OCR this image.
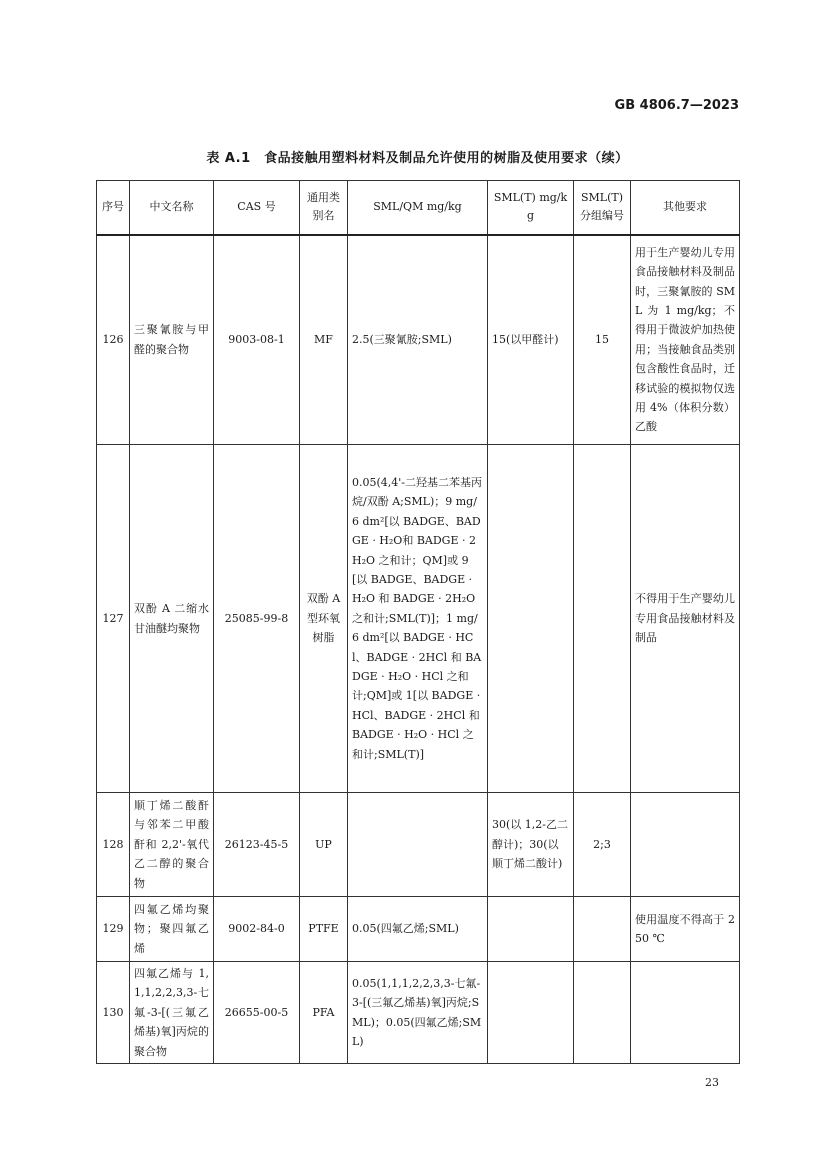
GB 4806.7—2023
表 A.1　食品接触用塑料材料及制品允许使用的树脂及使用要求（续）
序号	中文名称	CAS 号	通用类别名	SML/QM mg/kg	SML(T) mg/kg	SML(T) 分组编号	其他要求
126	三聚氰胺与甲醛的聚合物	9003-08-1	MF	2.5(三聚氰胺;SML)	15(以甲醛计)	15	用于生产婴幼儿专用食品接触材料及制品时，三聚氰胺的 SML 为 1 mg/kg；不得用于微波炉加热使用；当接触食品类别包含酸性食品时，迁移试验的模拟物仅选用 4%（体积分数）乙酸
127	双酚 A 二缩水甘油醚均聚物	25085-99-8	双酚 A 型环氧树脂	0.05(4,4'-二羟基二苯基丙烷/双酚 A;SML)；9 mg/6 dm²[以 BADGE、BADGE · H₂O和 BADGE · 2H₂O 之和计；QM]或 9 [以 BADGE、BADGE · H₂O 和 BADGE · 2H₂O 之和计;SML(T)]；1 mg/6 dm²[以 BADGE · HCl、BADGE · 2HCl 和 BADGE · H₂O · HCl 之和计;QM]或 1[以 BADGE · HCl、BADGE · 2HCl 和 BADGE · H₂O · HCl 之和计;SML(T)]			不得用于生产婴幼儿专用食品接触材料及制品
128	顺丁烯二酸酐与邻苯二甲酸酐和 2,2'-氧代乙二醇的聚合物	26123-45-5	UP		30(以 1,2-乙二醇计)；30(以顺丁烯二酸计)	2;3	
129	四氟乙烯均聚物；聚四氟乙烯	9002-84-0	PTFE	0.05(四氟乙烯;SML)			使用温度不得高于 250 ℃
130	四氟乙烯与 1,1,1,2,2,3,3-七氟-3-[(三氟乙烯基)氧]丙烷的聚合物	26655-00-5	PFA	0.05(1,1,1,2,2,3,3-七氟-3-[(三氟乙烯基)氧]丙烷;SML)；0.05(四氟乙烯;SML)			
23
